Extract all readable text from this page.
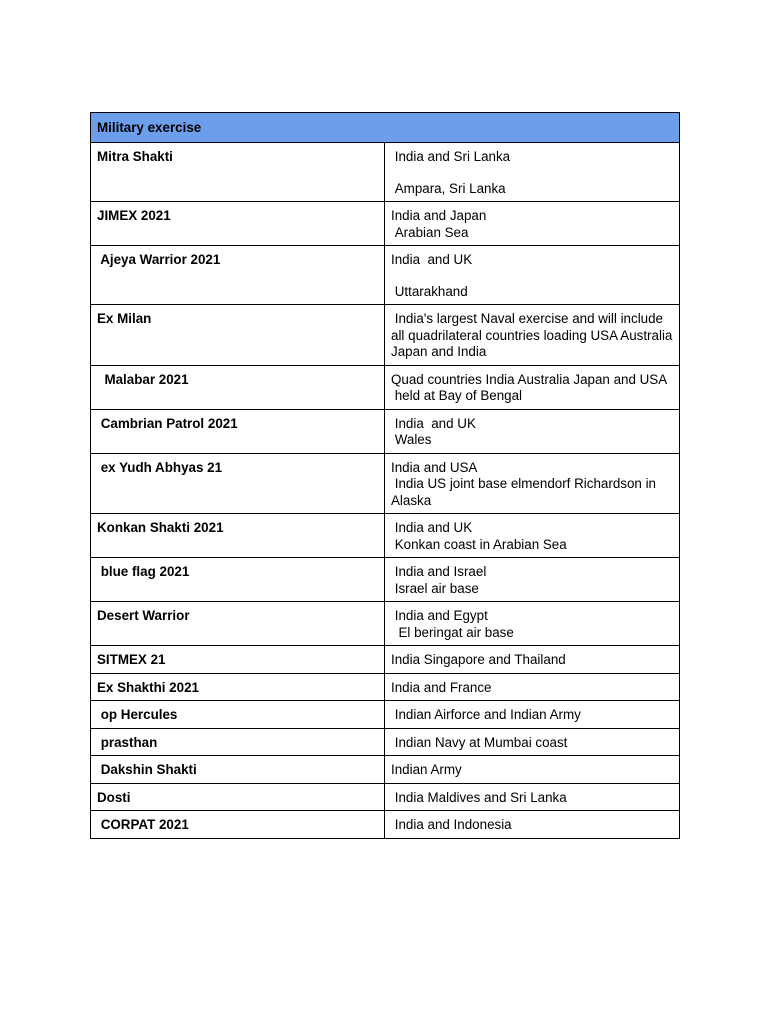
Military exercise	
Mitra Shakti	India and Sri Lanka
Ampara, Sri Lanka

JIMEX 2021	India and Japan
Arabian Sea

Ajeya Warrior 2021	India  and UK
Uttarakhand

Ex Milan	India's largest Naval exercise and will include all quadrilateral countries loading USA Australia Japan and India

Malabar 2021	Quad countries India Australia Japan and USA
held at Bay of Bengal

Cambrian Patrol 2021	India  and UK
Wales

ex Yudh Abhyas 21	India and USA
India US joint base elmendorf Richardson in Alaska

Konkan Shakti 2021	India and UK
Konkan coast in Arabian Sea

blue flag 2021	India and Israel
Israel air base

Desert Warrior	India and Egypt
El beringat air base

SITMEX 21	India Singapore and Thailand

Ex Shakthi 2021	India and France

op Hercules	Indian Airforce and Indian Army

prasthan	Indian Navy at Mumbai coast

Dakshin Shakti	Indian Army

Dosti	India Maldives and Sri Lanka

CORPAT 2021	India and Indonesia
